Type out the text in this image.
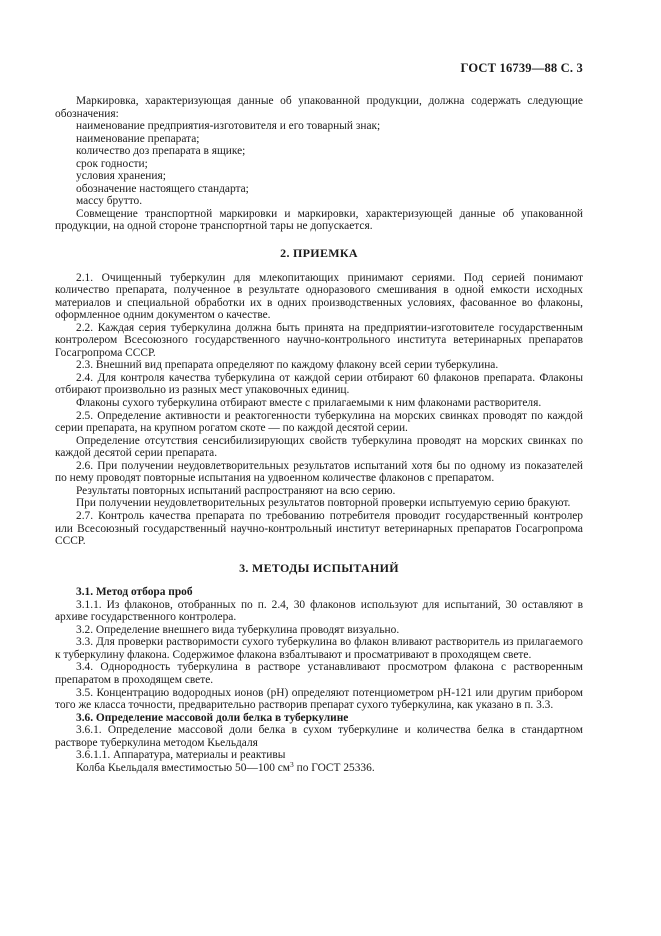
ГОСТ 16739—88 С. 3

Маркировка, характеризующая данные об упакованной продукции, должна содержать следующие обозначения:

наименование предприятия-изготовителя и его товарный знак;

наименование препарата;

количество доз препарата в ящике;

срок годности;

условия хранения;

обозначение настоящего стандарта;

массу брутто.

Совмещение транспортной маркировки и маркировки, характеризующей данные об упакованной продукции, на одной стороне транспортной тары не допускается.

2. ПРИЕМКА

2.1. Очищенный туберкулин для млекопитающих принимают сериями. Под серией понимают количество препарата, полученное в результате одноразового смешивания в одной емкости исходных материалов и специальной обработки их в одних производственных условиях, фасованное во флаконы, оформленное одним документом о качестве.

2.2. Каждая серия туберкулина должна быть принята на предприятии-изготовителе государственным контролером Всесоюзного государственного научно-контрольного института ветеринарных препаратов Госагропрома СССР.

2.3. Внешний вид препарата определяют по каждому флакону всей серии туберкулина.

2.4. Для контроля качества туберкулина от каждой серии отбирают 60 флаконов препарата. Флаконы отбирают произвольно из разных мест упаковочных единиц.

Флаконы сухого туберкулина отбирают вместе с прилагаемыми к ним флаконами растворителя.

2.5. Определение активности и реактогенности туберкулина на морских свинках проводят по каждой серии препарата, на крупном рогатом скоте — по каждой десятой серии.

Определение отсутствия сенсибилизирующих свойств туберкулина проводят на морских свинках по каждой десятой серии препарата.

2.6. При получении неудовлетворительных результатов испытаний хотя бы по одному из показателей по нему проводят повторные испытания на удвоенном количестве флаконов с препаратом.

Результаты повторных испытаний распространяют на всю серию.

При получении неудовлетворительных результатов повторной проверки испытуемую серию бракуют.

2.7. Контроль качества препарата по требованию потребителя проводит государственный контролер или Всесоюзный государственный научно-контрольный институт ветеринарных препаратов Госагропрома СССР.

3. МЕТОДЫ ИСПЫТАНИЙ

3.1. Метод отбора проб

3.1.1. Из флаконов, отобранных по п. 2.4, 30 флаконов используют для испытаний, 30 оставляют в архиве государственного контролера.

3.2. Определение внешнего вида туберкулина проводят визуально.

3.3. Для проверки растворимости сухого туберкулина во флакон вливают растворитель из прилагаемого к туберкулину флакона. Содержимое флакона взбалтывают и просматривают в проходящем свете.

3.4. Однородность туберкулина в растворе устанавливают просмотром флакона с растворенным препаратом в проходящем свете.

3.5. Концентрацию водородных ионов (pH) определяют потенциометром pH-121 или другим прибором того же класса точности, предварительно растворив препарат сухого туберкулина, как указано в п. 3.3.

3.6. Определение массовой доли белка в туберкулине

3.6.1. Определение массовой доли белка в сухом туберкулине и количества белка в стандартном растворе туберкулина методом Кьельдаля

3.6.1.1. Аппаратура, материалы и реактивы

Колба Кьельдаля вместимостью 50—100 $см^3$ по ГОСТ 25336.
